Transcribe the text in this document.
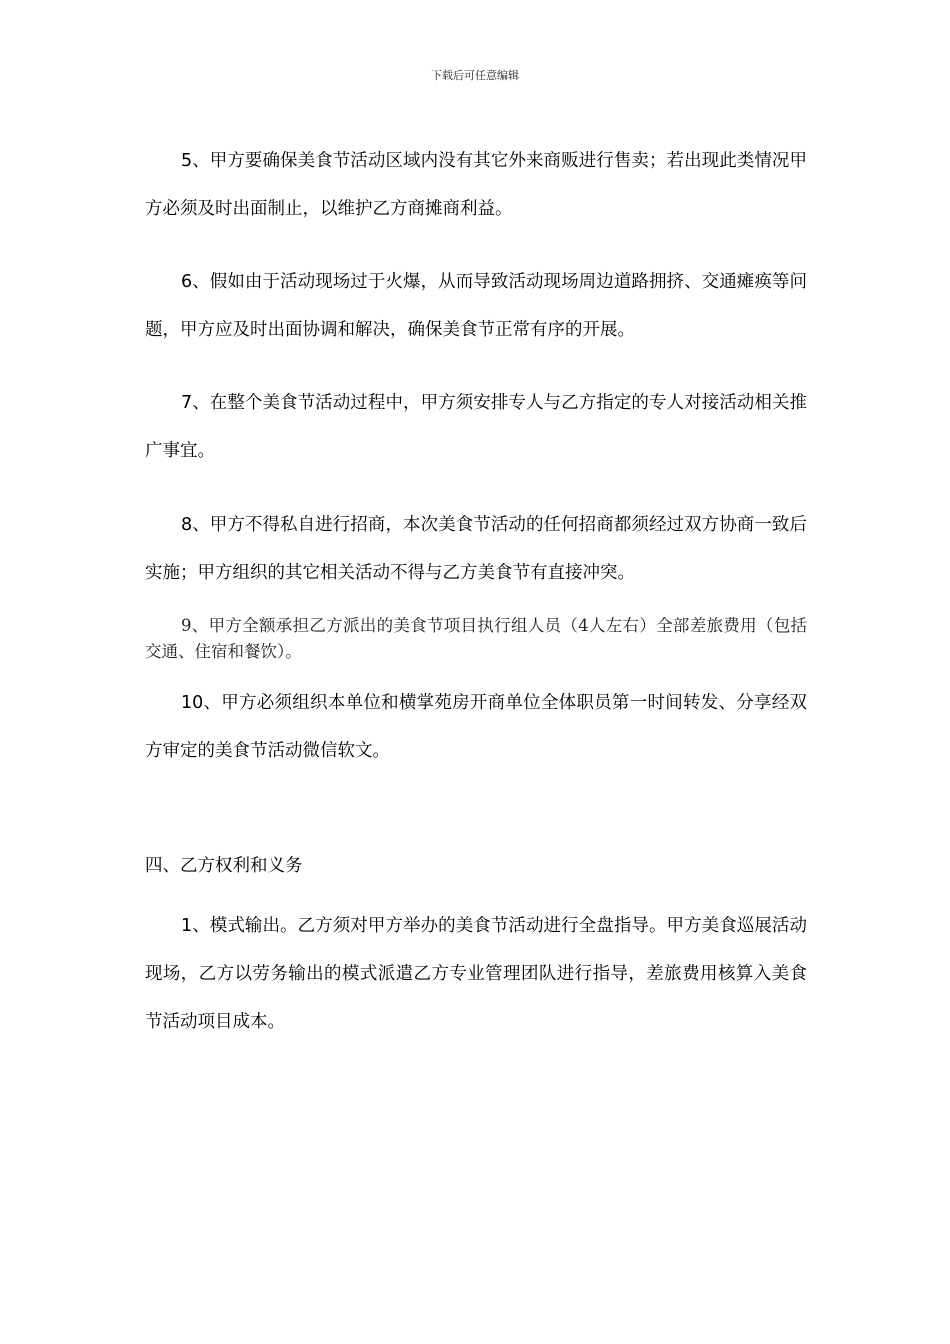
下载后可任意编辑

5、甲方要确保美食节活动区域内没有其它外来商贩进行售卖；若出现此类情况甲方必须及时出面制止，以维护乙方商摊商利益。

6、假如由于活动现场过于火爆，从而导致活动现场周边道路拥挤、交通瘫痪等问题，甲方应及时出面协调和解决，确保美食节正常有序的开展。

7、在整个美食节活动过程中，甲方须安排专人与乙方指定的专人对接活动相关推广事宜。

8、甲方不得私自进行招商，本次美食节活动的任何招商都须经过双方协商一致后实施；甲方组织的其它相关活动不得与乙方美食节有直接冲突。

9、甲方全额承担乙方派出的美食节项目执行组人员（4人左右）全部差旅费用（包括交通、住宿和餐饮）。

10、甲方必须组织本单位和横掌苑房开商单位全体职员第一时间转发、分享经双方审定的美食节活动微信软文。

四、乙方权利和义务

1、模式输出。乙方须对甲方举办的美食节活动进行全盘指导。甲方美食巡展活动现场，乙方以劳务输出的模式派遣乙方专业管理团队进行指导，差旅费用核算入美食节活动项目成本。
